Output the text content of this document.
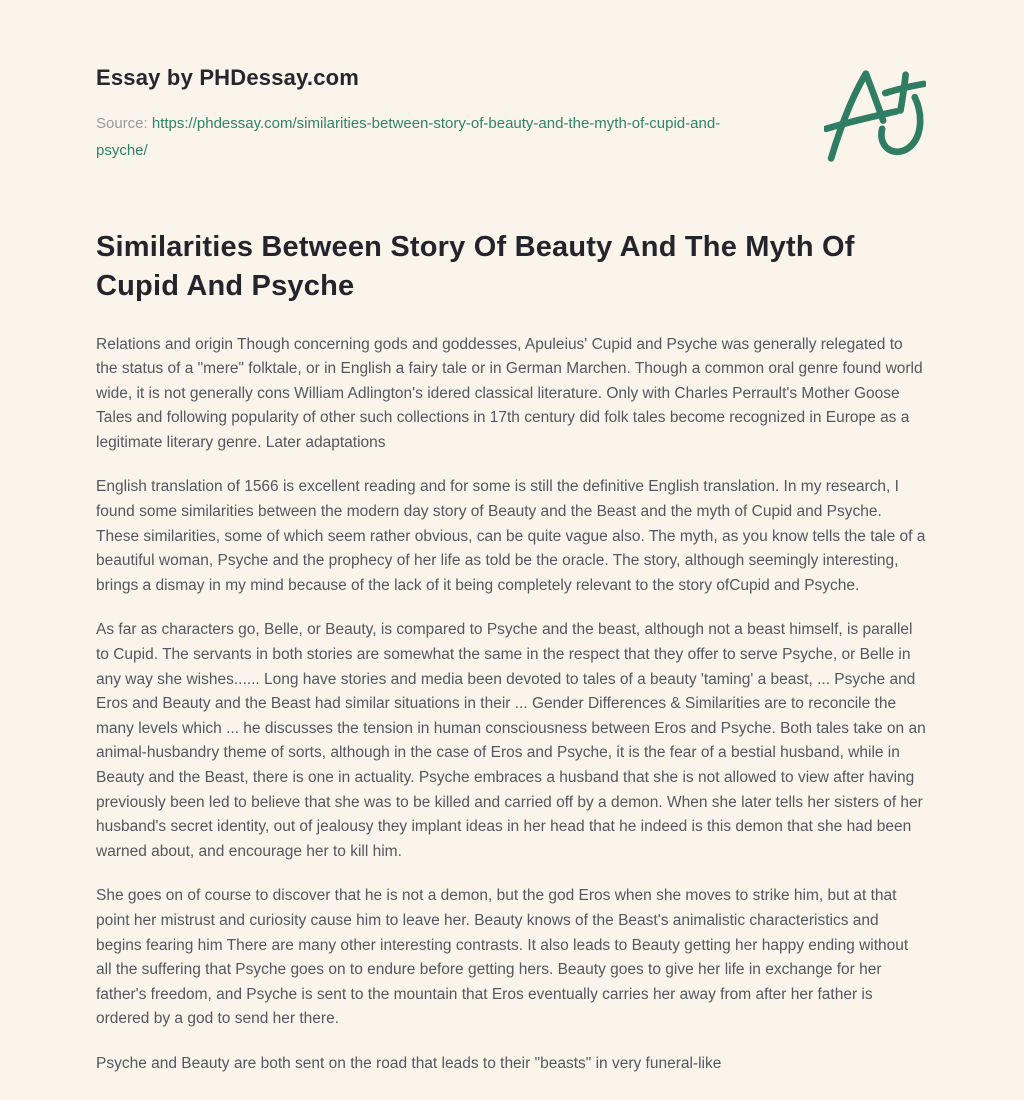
Essay by PHDessay.com

Source: https://phdessay.com/similarities-between-story-of-beauty-and-the-myth-of-cupid-and-psyche/

Similarities Between Story Of Beauty And The Myth Of Cupid And Psyche

Relations and origin Though concerning gods and goddesses, Apuleius' Cupid and Psyche was generally relegated to the status of a "mere" folktale, or in English a fairy tale or in German Marchen. Though a common oral genre found world wide, it is not generally cons William Adlington's idered classical literature. Only with Charles Perrault's Mother Goose Tales and following popularity of other such collections in 17th century did folk tales become recognized in Europe as a legitimate literary genre. Later adaptations

English translation of 1566 is excellent reading and for some is still the definitive English translation. In my research, I found some similarities between the modern day story of Beauty and the Beast and the myth of Cupid and Psyche. These similarities, some of which seem rather obvious, can be quite vague also. The myth, as you know tells the tale of a beautiful woman, Psyche and the prophecy of her life as told be the oracle. The story, although seemingly interesting, brings a dismay in my mind because of the lack of it being completely relevant to the story ofCupid and Psyche.

As far as characters go, Belle, or Beauty, is compared to Psyche and the beast, although not a beast himself, is parallel to Cupid. The servants in both stories are somewhat the same in the respect that they offer to serve Psyche, or Belle in any way she wishes...... Long have stories and media been devoted to tales of a beauty 'taming' a beast, ... Psyche and Eros and Beauty and the Beast had similar situations in their ... Gender Differences & Similarities are to reconcile the many levels which ... he discusses the tension in human consciousness between Eros and Psyche. Both tales take on an animal-husbandry theme of sorts, although in the case of Eros and Psyche, it is the fear of a bestial husband, while in Beauty and the Beast, there is one in actuality. Psyche embraces a husband that she is not allowed to view after having previously been led to believe that she was to be killed and carried off by a demon. When she later tells her sisters of her husband's secret identity, out of jealousy they implant ideas in her head that he indeed is this demon that she had been warned about, and encourage her to kill him.

She goes on of course to discover that he is not a demon, but the god Eros when she moves to strike him, but at that point her mistrust and curiosity cause him to leave her. Beauty knows of the Beast's animalistic characteristics and begins fearing him There are many other interesting contrasts. It also leads to Beauty getting her happy ending without all the suffering that Psyche goes on to endure before getting hers. Beauty goes to give her life in exchange for her father's freedom, and Psyche is sent to the mountain that Eros eventually carries her away from after her father is ordered by a god to send her there.

Psyche and Beauty are both sent on the road that leads to their "beasts" in very funeral-like
